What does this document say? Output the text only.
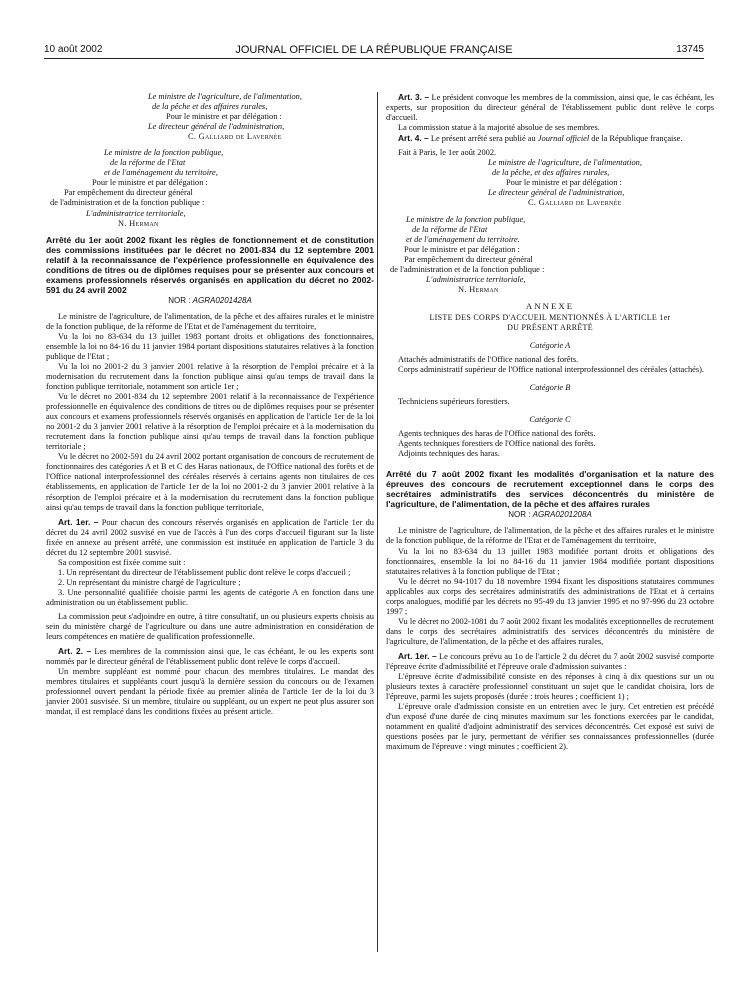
10 août 2002	JOURNAL OFFICIEL DE LA RÉPUBLIQUE FRANÇAISE	13745

Le ministre de l'agriculture, de l'alimentation,

de la pêche et des affaires rurales,

Pour le ministre et par délégation :

Le directeur général de l'administration,

C. Galliard de Lavernée

Le ministre de la fonction publique,

de la réforme de l'Etat

et de l'aménagement du territoire,

Pour le ministre et par délégation :

Par empêchement du directeur général

de l'administration et de la fonction publique :

L'administratrice territoriale,

N. Herman

Arrêté du 1er août 2002 fixant les règles de fonctionnement et de constitution des commissions instituées par le décret no 2001-834 du 12 septembre 2001 relatif à la reconnaissance de l'expérience professionnelle en équivalence des conditions de titres ou de diplômes requises pour se présenter aux concours et examens professionnels réservés organisés en application du décret no 2002-591 du 24 avril 2002

NOR : AGRA0201428A

Le ministre de l'agriculture, de l'alimentation, de la pêche et des affaires rurales et le ministre de la fonction publique, de la réforme de l'Etat et de l'aménagement du territoire,

Vu la loi no 83-634 du 13 juillet 1983 portant droits et obligations des fonctionnaires, ensemble la loi no 84-16 du 11 janvier 1984 portant dispositions statutaires relatives à la fonction publique de l'Etat ;

Vu la loi no 2001-2 du 3 janvier 2001 relative à la résorption de l'emploi précaire et à la modernisation du recrutement dans la fonction publique ainsi qu'au temps de travail dans la fonction publique territoriale, notamment son article 1er ;

Vu le décret no 2001-834 du 12 septembre 2001 relatif à la reconnaissance de l'expérience professionnelle en équivalence des conditions de titres ou de diplômes requises pour se présenter aux concours et examens professionnels réservés organisés en application de l'article 1er de la loi no 2001-2 du 3 janvier 2001 relative à la résorption de l'emploi précaire et à la modernisation du recrutement dans la fonction publique ainsi qu'au temps de travail dans la fonction publique territoriale ;

Vu le décret no 2002-591 du 24 avril 2002 portant organisation de concours de recrutement de fonctionnaires des catégories A et B et C des Haras nationaux, de l'Office national des forêts et de l'Office national interprofessionnel des céréales réservés à certains agents non titulaires de ces établissements, en application de l'article 1er de la loi no 2001-2 du 3 janvier 2001 relative à la résorption de l'emploi précaire et à la modernisation du recrutement dans la fonction publique ainsi qu'au temps de travail dans la fonction publique territoriale,

Art. 1er. – Pour chacun des concours réservés organisés en application de l'article 1er du décret du 24 avril 2002 susvisé en vue de l'accès à l'un des corps d'accueil figurant sur la liste fixée en annexe au présent arrêté, une commission est instituée en application de l'article 3 du décret du 12 septembre 2001 susvisé.

Sa composition est fixée comme suit :

1. Un représentant du directeur de l'établissement public dont relève le corps d'accueil ;

2. Un représentant du ministre chargé de l'agriculture ;

3. Une personnalité qualifiée choisie parmi les agents de catégorie A en fonction dans une administration ou un établissement public.

La commission peut s'adjoindre en outre, à titre consultatif, un ou plusieurs experts choisis au sein du ministère chargé de l'agriculture ou dans une autre administration en considération de leurs compétences en matière de qualification professionnelle.

Art. 2. – Les membres de la commission ainsi que, le cas échéant, le ou les experts sont nommés par le directeur général de l'établissement public dont relève le corps d'accueil.

Un membre suppléant est nommé pour chacun des membres titulaires. Le mandat des membres titulaires et suppléants court jusqu'à la dernière session du concours ou de l'examen professionnel ouvert pendant la période fixée au premier alinéa de l'article 1er de la loi du 3 janvier 2001 susvisée. Si un membre, titulaire ou suppléant, ou un expert ne peut plus assurer son mandat, il est remplacé dans les conditions fixées au présent article.

Art. 3. – Le président convoque les membres de la commission, ainsi que, le cas échéant, les experts, sur proposition du directeur général de l'établissement public dont relève le corps d'accueil.

La commission statue à la majorité absolue de ses membres.

Art. 4. – Le présent arrêté sera publié au Journal officiel de la République française.

Fait à Paris, le 1er août 2002.

Le ministre de l'agriculture, de l'alimentation,

de la pêche, et des affaires rurales,

Pour le ministre et par délégation :

Le directeur général de l'administration,

C. Galliard de Lavernée

Le ministre de la fonction publique,

de la réforme de l'Etat

et de l'aménagement du territoire.

Pour le ministre et par délégation :

Par empêchement du directeur général

de l'administration et de la fonction publique :

L'administratrice territoriale,

N. Herman

ANNEXE

LISTE DES CORPS D'ACCUEIL MENTIONNÉS À L'ARTICLE 1er
DU PRÉSENT ARRÊTÉ

Catégorie A

Attachés administratifs de l'Office national des forêts.

Corps administratif supérieur de l'Office national interprofessionnel des céréales (attachés).

Catégorie B

Techniciens supérieurs forestiers.

Catégorie C

Agents techniques des haras de l'Office national des forêts.

Agents techniques forestiers de l'Office national des forêts.

Adjoints techniques des haras.

Arrêté du 7 août 2002 fixant les modalités d'organisation et la nature des épreuves des concours de recrutement exceptionnel dans le corps des secrétaires administratifs des services déconcentrés du ministère de l'agriculture, de l'alimentation, de la pêche et des affaires rurales

NOR : AGRA0201208A

Le ministre de l'agriculture, de l'alimentation, de la pêche et des affaires rurales et le ministre de la fonction publique, de la réforme de l'Etat et de l'aménagement du territoire,

Vu la loi no 83-634 du 13 juillet 1983 modifiée portant droits et obligations des fonctionnaires, ensemble la loi no 84-16 du 11 janvier 1984 modifiée portant dispositions statutaires relatives à la fonction publique de l'Etat ;

Vu le décret no 94-1017 du 18 novembre 1994 fixant les dispositions statutaires communes applicables aux corps des secrétaires administratifs des administrations de l'Etat et à certains corps analogues, modifié par les décrets no 95-49 du 13 janvier 1995 et no 97-996 du 23 octobre 1997 ;

Vu le décret no 2002-1081 du 7 août 2002 fixant les modalités exceptionnelles de recrutement dans le corps des secrétaires administratifs des services déconcentrés du ministère de l'agriculture, de l'alimentation, de la pêche et des affaires rurales,

Art. 1er. – Le concours prévu au 1o de l'article 2 du décret du 7 août 2002 susvisé comporte l'épreuve écrite d'admissibilité et l'épreuve orale d'admission suivantes :

L'épreuve écrite d'admissibilité consiste en des réponses à cinq à dix questions sur un ou plusieurs textes à caractère professionnel constituant un sujet que le candidat choisira, lors de l'épreuve, parmi les sujets proposés (durée : trois heures ; coefficient 1) ;

L'épreuve orale d'admission consiste en un entretien avec le jury. Cet entretien est précédé d'un exposé d'une durée de cinq minutes maximum sur les fonctions exercées par le candidat, notamment en qualité d'adjoint administratif des services déconcentrés. Cet exposé est suivi de questions posées par le jury, permettant de vérifier ses connaissances professionnelles (durée maximum de l'épreuve : vingt minutes ; coefficient 2).
